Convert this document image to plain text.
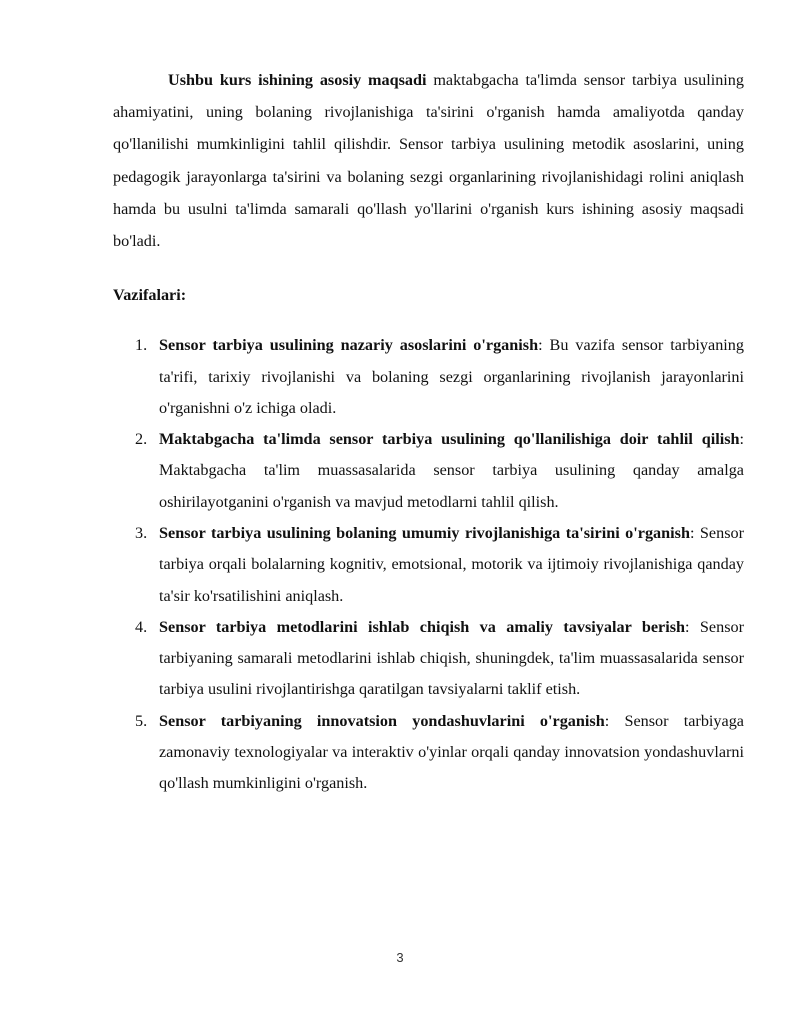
Ushbu kurs ishining asosiy maqsadi maktabgacha ta'limda sensor tarbiya usulining ahamiyatini, uning bolaning rivojlanishiga ta'sirini o'rganish hamda amaliyotda qanday qo'llanilishi mumkinligini tahlil qilishdir. Sensor tarbiya usulining metodik asoslarini, uning pedagogik jarayonlarga ta'sirini va bolaning sezgi organlarining rivojlanishidagi rolini aniqlash hamda bu usulni ta'limda samarali qo'llash yo'llarini o'rganish kurs ishining asosiy maqsadi bo'ladi.

Vazifalari:

1. Sensor tarbiya usulining nazariy asoslarini o'rganish: Bu vazifa sensor tarbiyaning ta'rifi, tarixiy rivojlanishi va bolaning sezgi organlarining rivojlanish jarayonlarini o'rganishni o'z ichiga oladi.
2. Maktabgacha ta'limda sensor tarbiya usulining qo'llanilishiga doir tahlil qilish: Maktabgacha ta'lim muassasalarida sensor tarbiya usulining qanday amalga oshirilayotganini o'rganish va mavjud metodlarni tahlil qilish.
3. Sensor tarbiya usulining bolaning umumiy rivojlanishiga ta'sirini o'rganish: Sensor tarbiya orqali bolalarning kognitiv, emotsional, motorik va ijtimoiy rivojlanishiga qanday ta'sir ko'rsatilishini aniqlash.
4. Sensor tarbiya metodlarini ishlab chiqish va amaliy tavsiyalar berish: Sensor tarbiyaning samarali metodlarini ishlab chiqish, shuningdek, ta'lim muassasalarida sensor tarbiya usulini rivojlantirishga qaratilgan tavsiyalarni taklif etish.
5. Sensor tarbiyaning innovatsion yondashuvlarini o'rganish: Sensor tarbiyaga zamonaviy texnologiyalar va interaktiv o'yinlar orqali qanday innovatsion yondashuvlarni qo'llash mumkinligini o'rganish.
3
